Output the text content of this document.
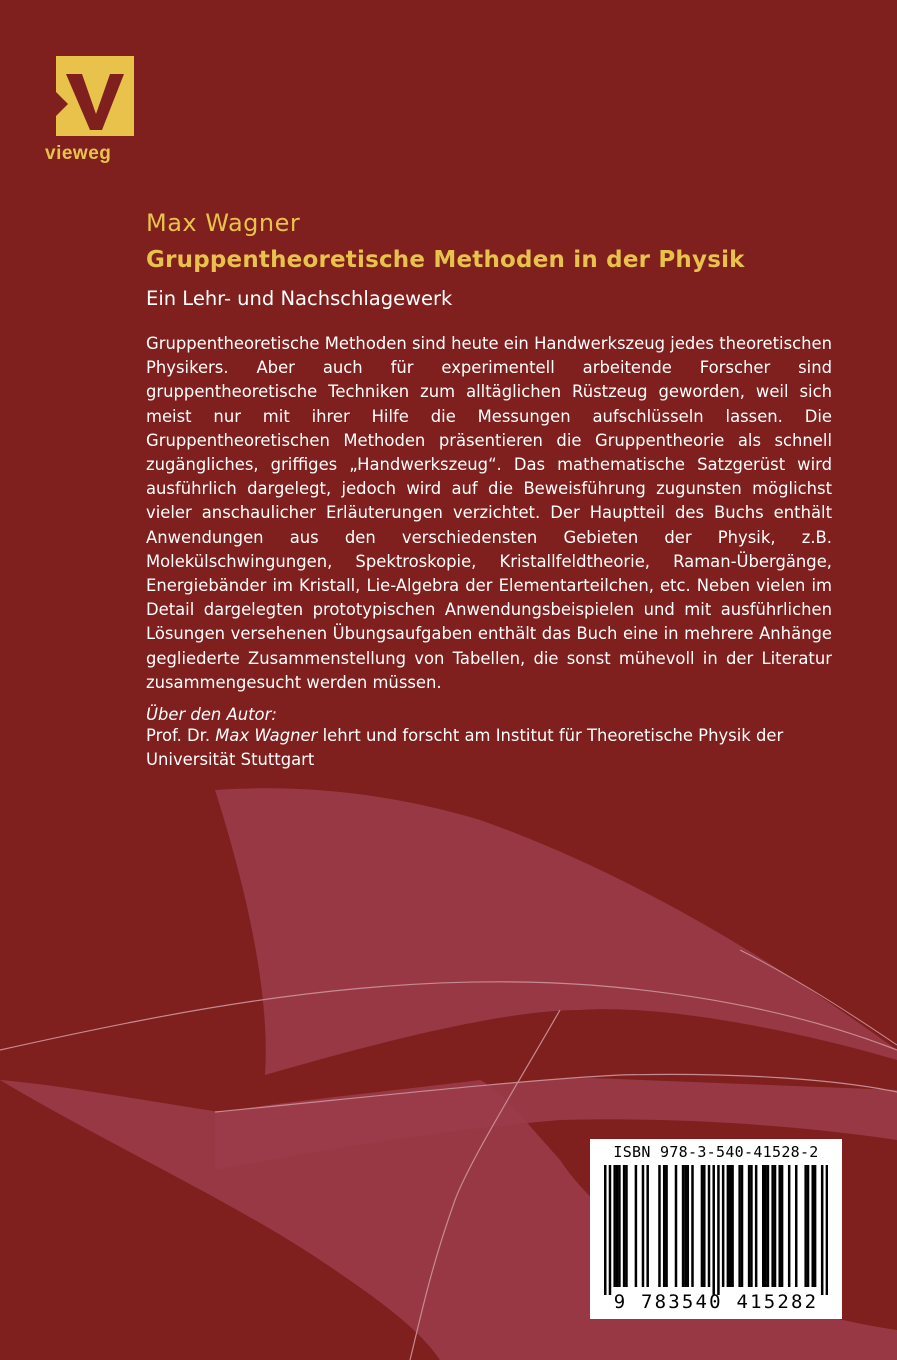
vieweg
Max Wagner
Gruppentheoretische Methoden in der Physik
Ein Lehr- und Nachschlagewerk
Gruppentheoretische Methoden sind heute ein Handwerkszeug jedes theoretischen Physikers. Aber auch für experimentell arbeitende Forscher sind gruppentheoretische Techniken zum alltäglichen Rüstzeug geworden, weil sich meist nur mit ihrer Hilfe die Messungen aufschlüsseln lassen. Die Gruppentheoretischen Methoden präsentieren die Gruppentheorie als schnell zugängliches, griffiges „Handwerkszeug“. Das mathematische Satzgerüst wird ausführlich dargelegt, jedoch wird auf die Beweisführung zugunsten möglichst vieler anschaulicher Erläuterungen verzichtet. Der Hauptteil des Buchs enthält Anwendungen aus den verschiedensten Gebieten der Physik, z.B. Molekülschwingungen, Spektroskopie, Kristallfeldtheorie, Raman-Übergänge, Energiebänder im Kristall, Lie-Algebra der Elementarteilchen, etc. Neben vielen im Detail dargelegten prototypischen Anwendungsbeispielen und mit ausführlichen Lösungen versehenen Übungsaufgaben enthält das Buch eine in mehrere Anhänge gegliederte Zusammenstellung von Tabellen, die sonst mühevoll in der Literatur zusammengesucht werden müssen.
Über den Autor:
Prof. Dr. Max Wagner lehrt und forscht am Institut für Theoretische Physik der Universität Stuttgart
ISBN 978-3-540-41528-2
9 783540 415282
